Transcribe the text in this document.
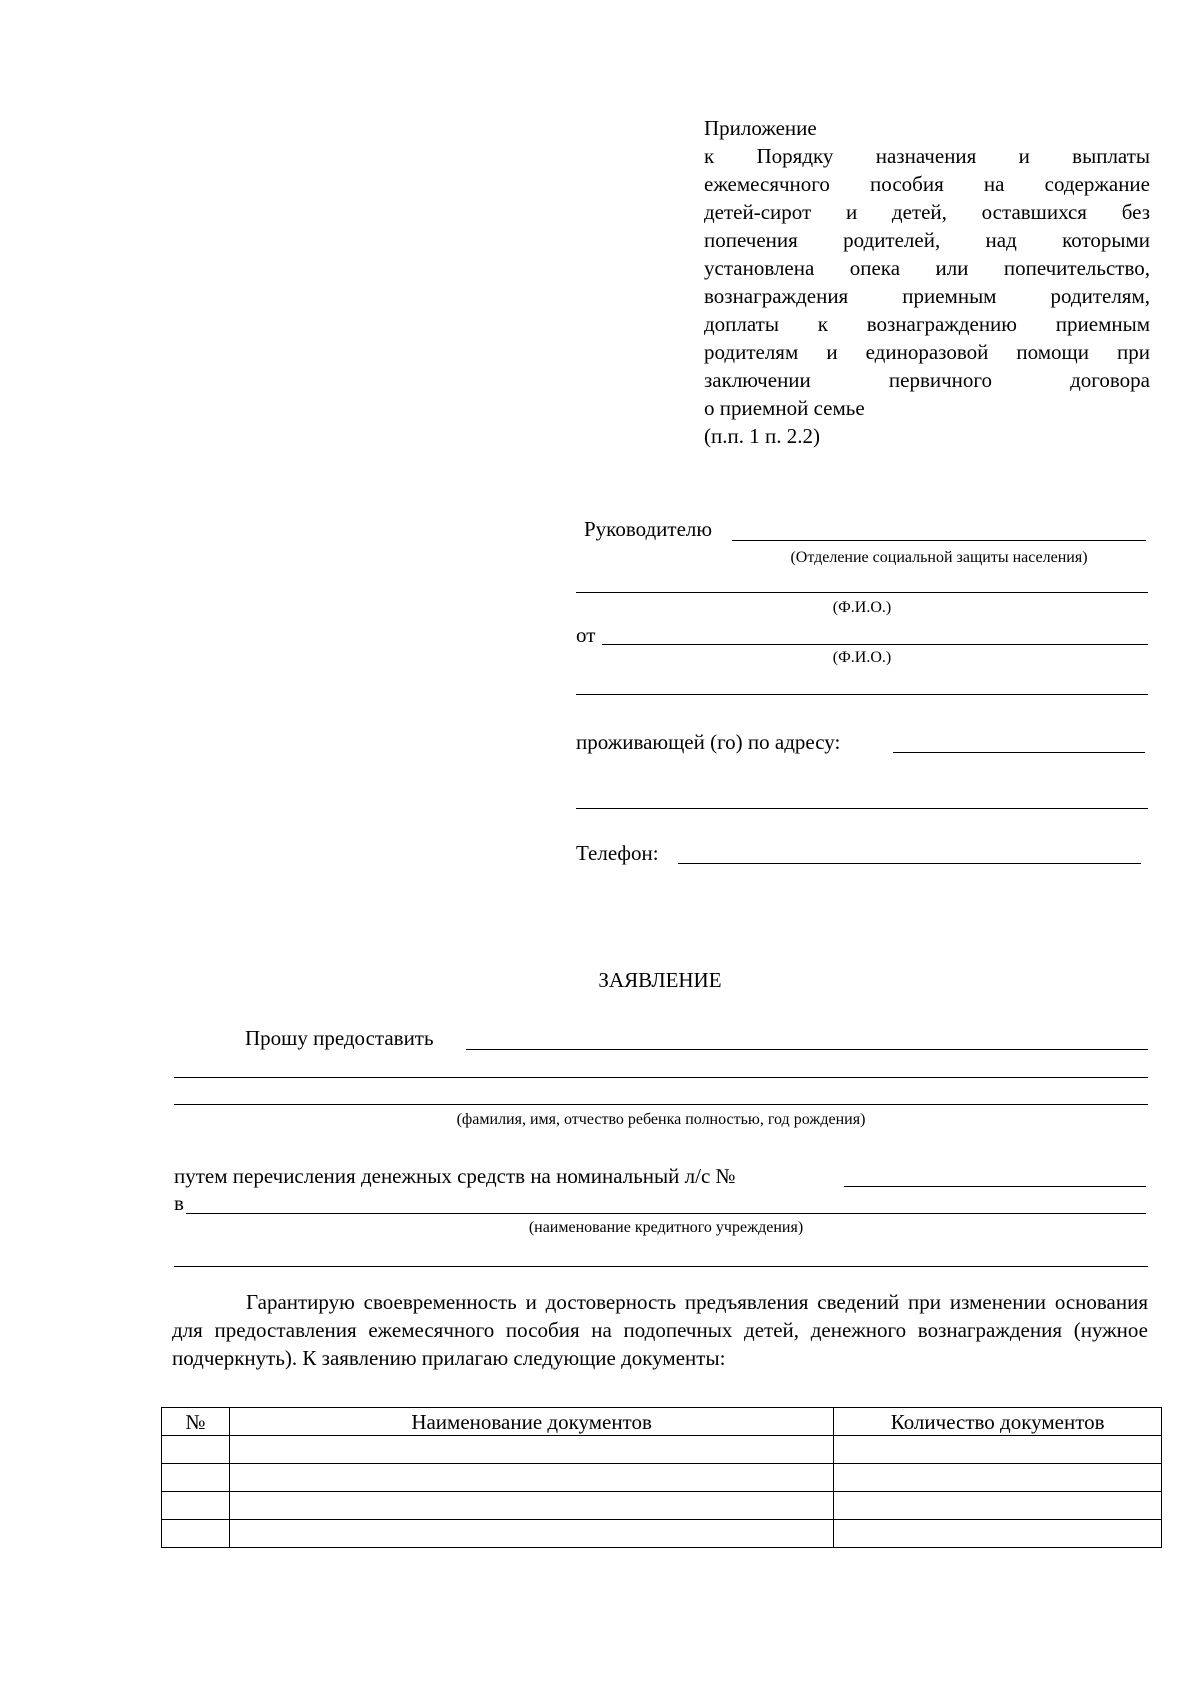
Приложение
к Порядку назначения и выплаты
ежемесячного пособия на содержание
детей-сирот и детей, оставшихся без
попечения родителей, над которыми
установлена опека или попечительство,
вознаграждения приемным родителям,
доплаты к вознаграждению приемным
родителям и единоразовой помощи при
заключении первичного договора
о приемной семье
(п.п. 1 п. 2.2)
Руководителю
(Отделение социальной защиты населения)
(Ф.И.О.)
от
(Ф.И.О.)
проживающей (го) по адресу:
Телефон:
ЗАЯВЛЕНИЕ
Прошу предоставить
(фамилия, имя, отчество ребенка полностью, год рождения)
путем перечисления денежных средств на номинальный л/с №
в
(наименование кредитного учреждения)
Гарантирую своевременность и достоверность предъявления сведений при изменении основания для предоставления ежемесячного пособия на подопечных детей, денежного вознаграждения (нужное подчеркнуть). К заявлению прилагаю следующие документы:
№	Наименование документов	Количество документов
